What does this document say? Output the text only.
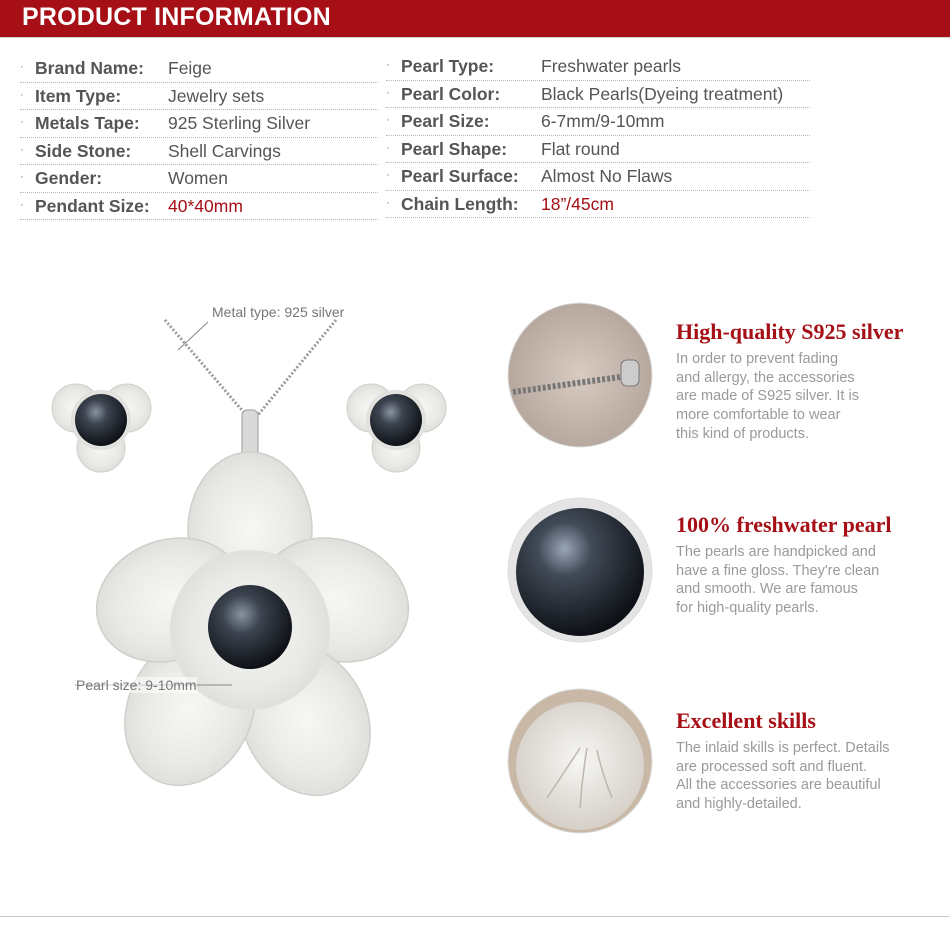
PRODUCT INFORMATION
· Brand Name: Feige
· Item Type:	Jewelry sets
· Metals Tape: 925 Sterling Silver
· Side Stone: Shell Carvings
· Gender:	Women
· Pendant Size: 40*40mm
· Pearl Type:	Freshwater pearls
· Pearl Color: Black Pearls(Dyeing treatment)
· Pearl Size:	6-7mm/9-10mm
· Pearl Shape: Flat round
· Pearl Surface: Almost No Flaws
· Chain Length: 18”/45cm
Metal type: 925 silver
Pearl size: 9-10mm
High-quality S925 silver

In order to prevent fading
and allergy, the accessories
are made of S925 silver. It is
more comfortable to wear
this kind of products.

100% freshwater pearl

The pearls are handpicked and
have a fine gloss. They're clean
and smooth. We are famous
for high-quality pearls.

Excellent skills

The inlaid skills is perfect. Details
are processed soft and fluent.
All the accessories are beautiful
and highly-detailed.
